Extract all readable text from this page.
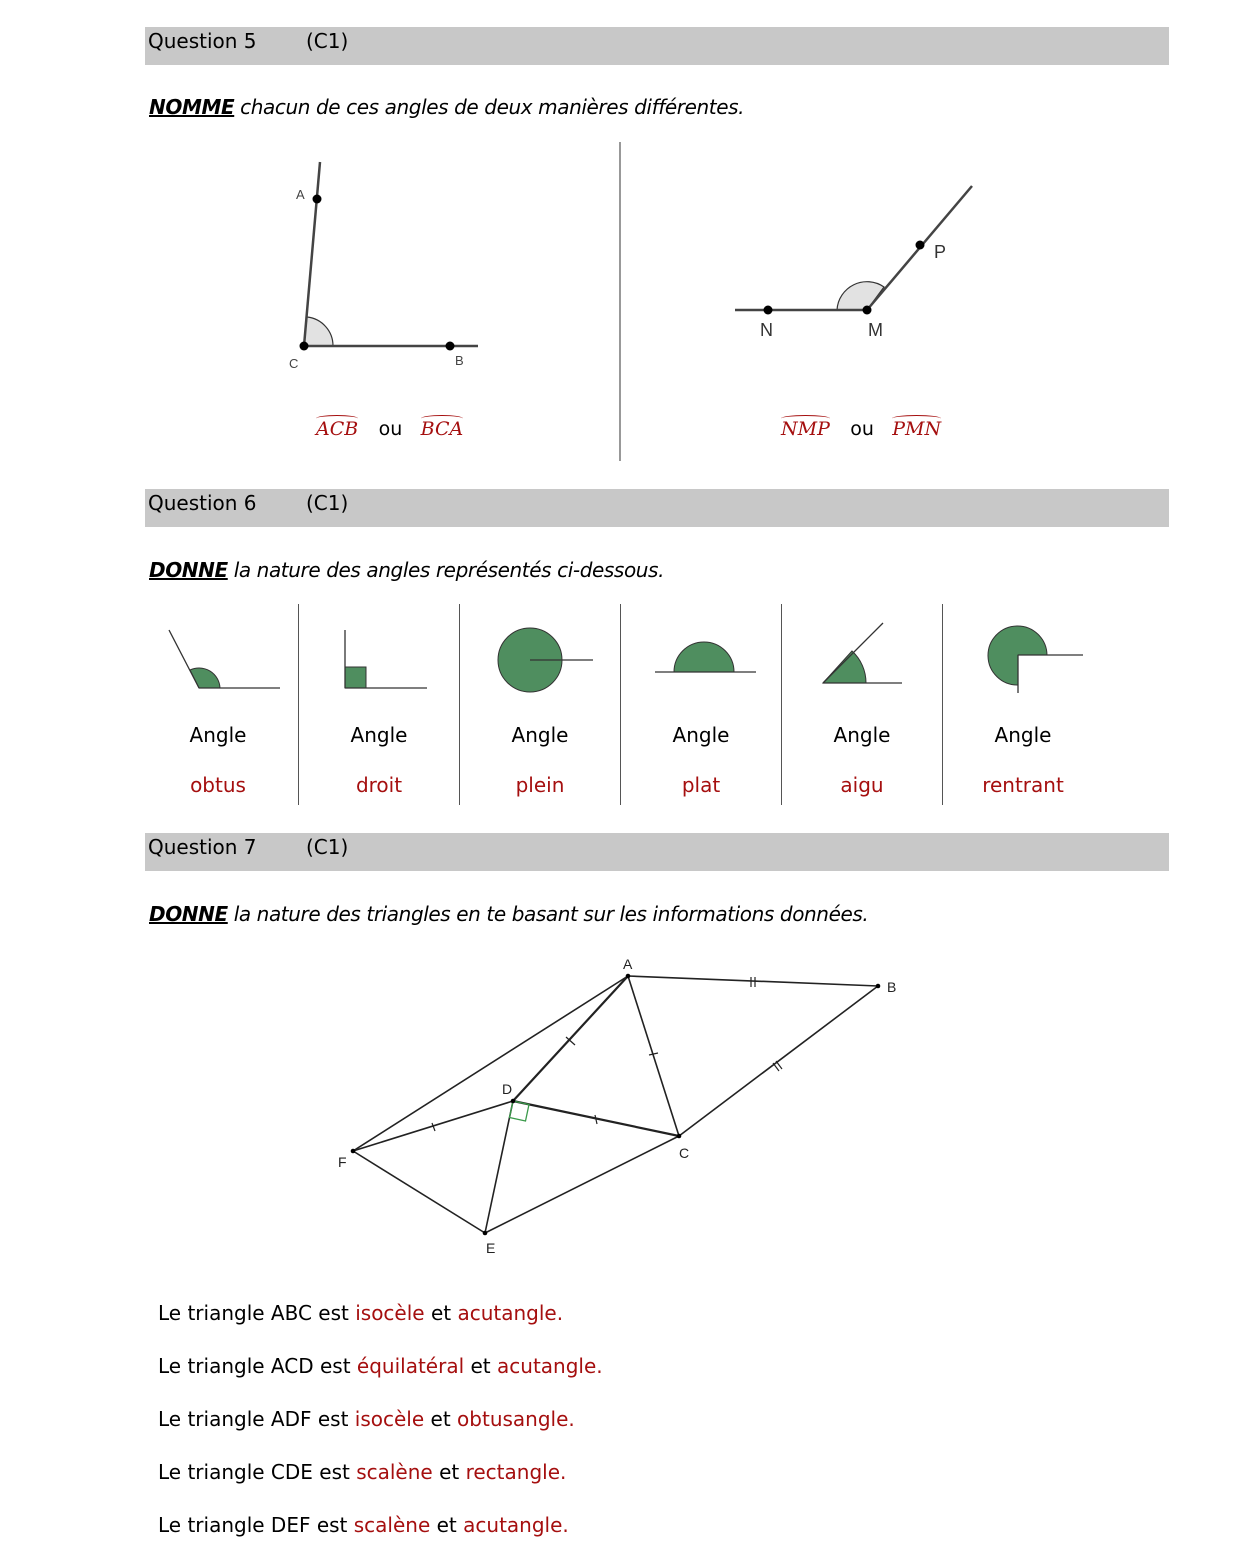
Question 5 (C1)
NOMME chacun de ces angles de deux manières différentes.
A
C	B
N	M
P
ACB ou BCA	NMP ou PMN
Question 6 (C1)
DONNE la nature des angles représentés ci-dessous.
Angle
obtus
Angle
droit
Angle
plein
Angle
plat
Angle
aigu
Angle
rentrant
Question 7 (C1)
DONNE la nature des triangles en te basant sur les informations données.
A
B
C
D
E
F
Le triangle ABC est isocèle et acutangle.
Le triangle ACD est équilatéral et acutangle.
Le triangle ADF est isocèle et obtusangle.
Le triangle CDE est scalène et rectangle.
Le triangle DEF est scalène et acutangle.
